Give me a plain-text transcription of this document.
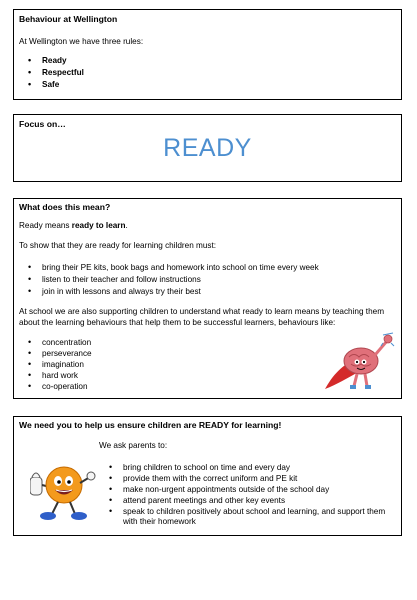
Behaviour at Wellington
At Wellington we have three rules:
• Ready
• Respectful
• Safe
Focus on…
READY
What does this mean?
Ready means ready to learn.
To show that they are ready for learning children must:
• bring their PE kits, book bags and homework into school on time every week
• listen to their teacher and follow instructions
• join in with lessons and always try their best
At school we are also supporting children to understand what ready to learn means by teaching them
about the learning behaviours that help them to be successful learners, behaviours like:
• concentration
• perseverance
• imagination
• hard work
• co-operation
We need you to help us ensure children are READY for learning!
We ask parents to:
• bring children to school on time and every day
• provide them with the correct uniform and PE kit
• make non-urgent appointments outside of the school day
• attend parent meetings and other key events
• speak to children positively about school and learning, and support them
with their homework
